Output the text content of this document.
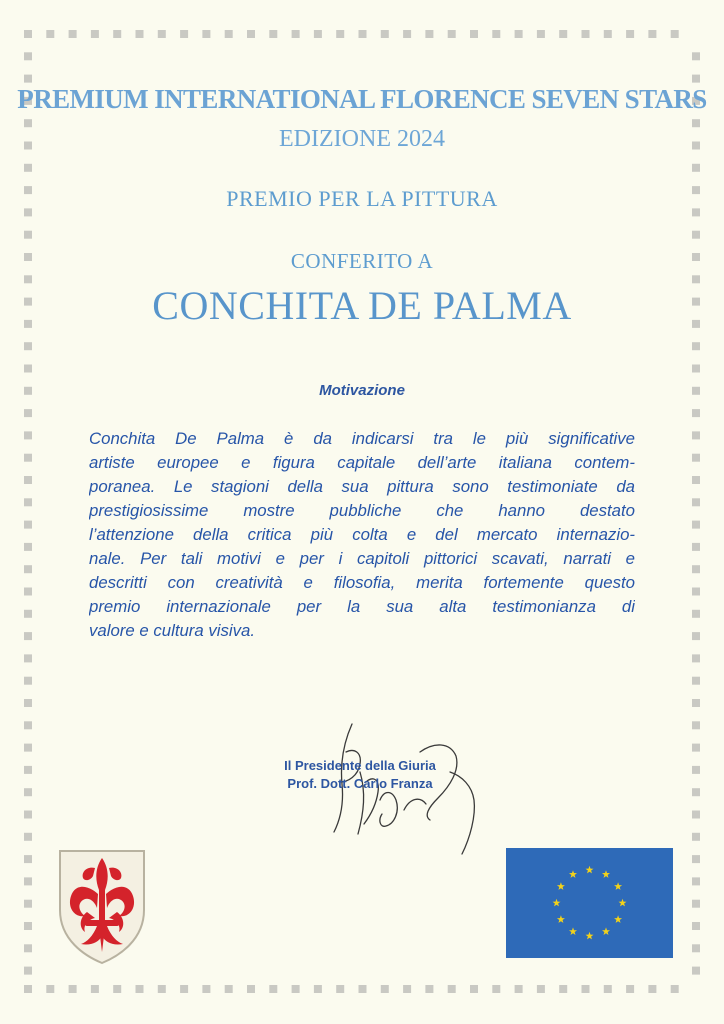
PREMIUM INTERNATIONAL FLORENCE SEVEN STARS
EDIZIONE 2024
PREMIO PER LA PITTURA
CONFERITO A
CONCHITA DE PALMA
Motivazione
Conchita De Palma è da indicarsi tra le più significative
artiste europee e figura capitale dell’arte italiana contem-
poranea. Le stagioni della sua pittura sono testimoniate da
prestigiosissime mostre pubbliche che hanno destato
l’attenzione della critica più colta e del mercato internazio-
nale. Per tali motivi e per i capitoli pittorici scavati, narrati e
descritti con creatività e filosofia, merita fortemente questo
premio internazionale per la sua alta testimonianza di
valore e cultura visiva.
Il Presidente della Giuria
Prof. Dott. Carlo Franza
